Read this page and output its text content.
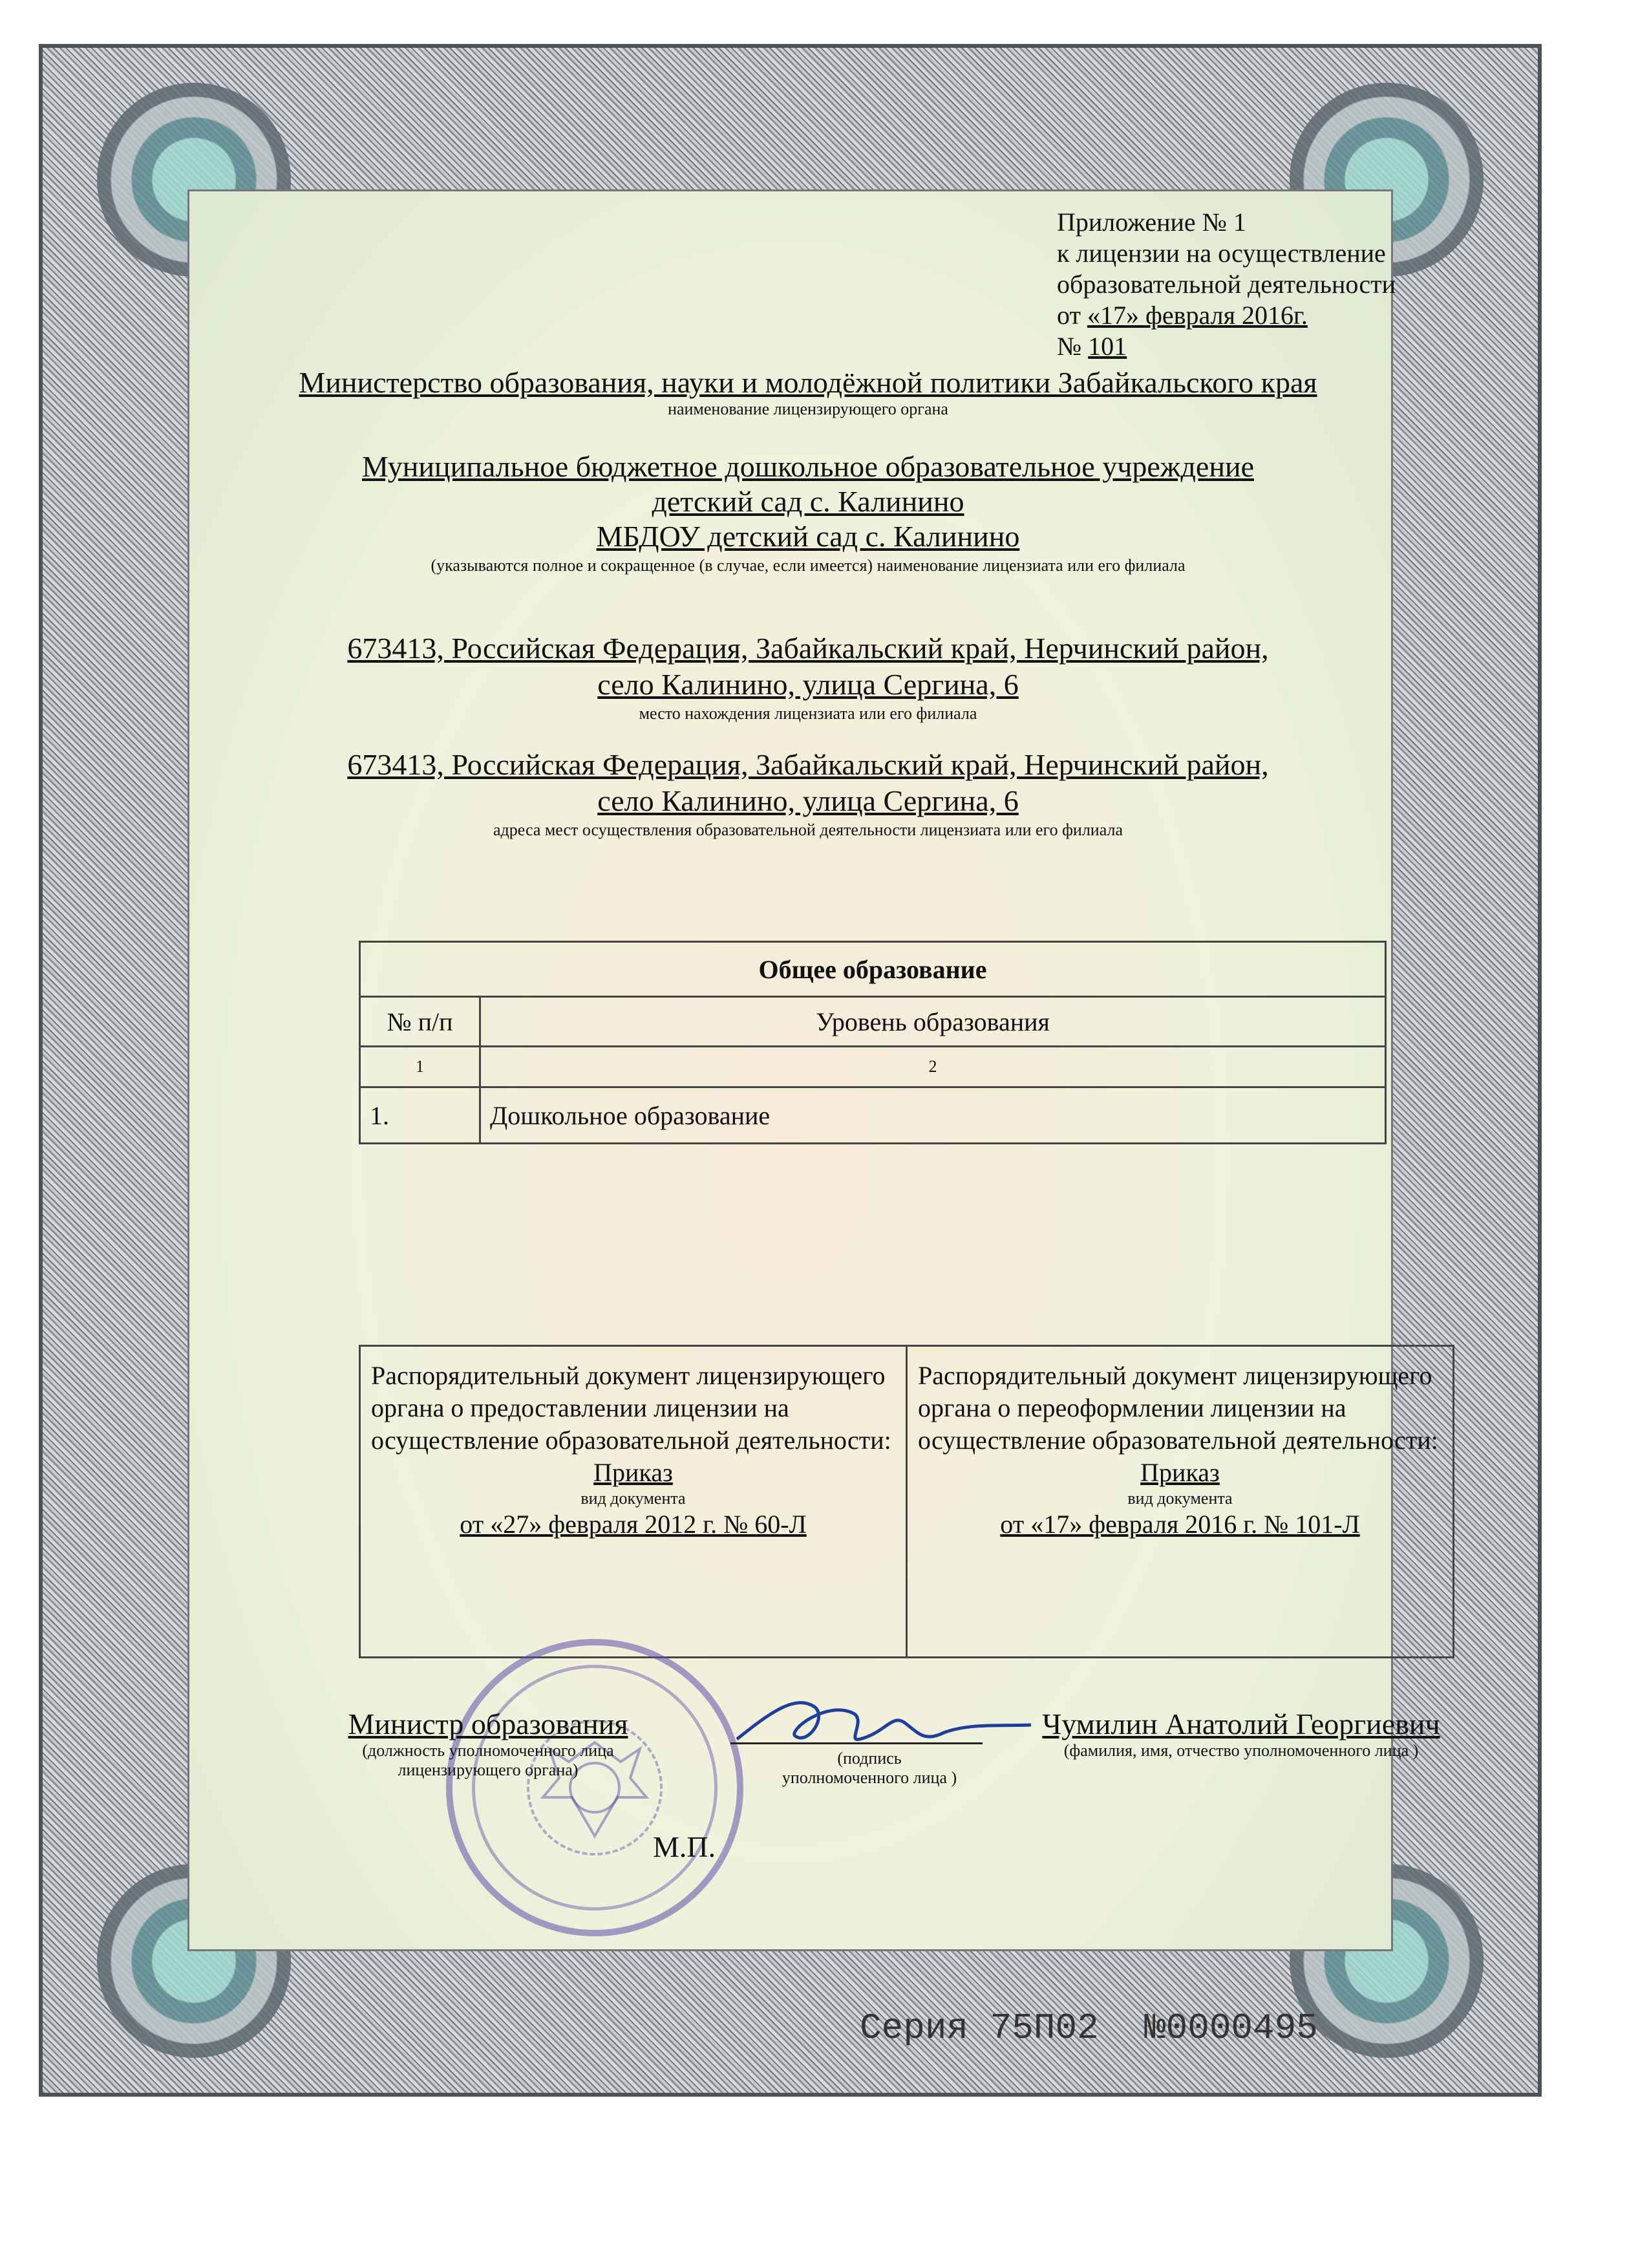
Приложение № 1
к лицензии на осуществление
образовательной деятельности
от «17» февраля 2016г.
№ 101
Министерство образования, науки и молодёжной политики Забайкальского края
наименование лицензирующего органа
Муниципальное бюджетное дошкольное образовательное учреждение
детский сад с. Калинино
МБДОУ детский сад с. Калинино
(указываются полное и сокращенное (в случае, если имеется) наименование лицензиата или его филиала
673413, Российская Федерация, Забайкальский край, Нерчинский район,
село Калинино, улица Сергина, 6
место нахождения лицензиата или его филиала
673413, Российская Федерация, Забайкальский край, Нерчинский район,
село Калинино, улица Сергина, 6
адреса мест осуществления образовательной деятельности лицензиата или его филиала
Общее образование	
№ п/п	Уровень образования
1	2
1.	Дошкольное образование
Распорядительный документ лицензирующего органа о предоставлении лицензии на осуществление образовательной деятельности:
Приказ
вид документа
от «27» февраля 2012 г. № 60-Л
Распорядительный документ лицензирующего органа о переоформлении лицензии на осуществление образовательной деятельности:
Приказ
вид документа
от «17» февраля 2016 г. № 101-Л
Министр образования
(должность уполномоченного лица
лицензирующего органа)
(подпись
уполномоченного лица )
Чумилин Анатолий Георгиевич
(фамилия, имя, отчество уполномоченного лица )
М.П.
Серия 75П02 №0000495
